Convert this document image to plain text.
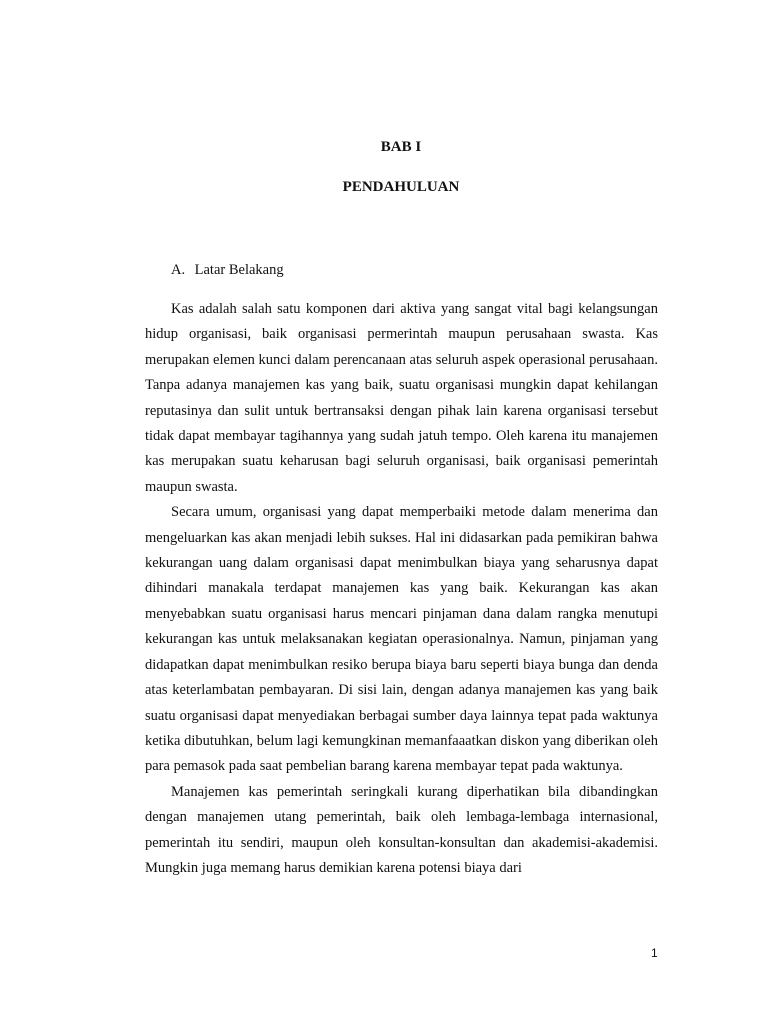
BAB I
PENDAHULUAN
A. Latar Belakang

Kas adalah salah satu komponen dari aktiva yang sangat vital bagi kelangsungan hidup organisasi, baik organisasi permerintah maupun perusahaan swasta. Kas merupakan elemen kunci dalam perencanaan atas seluruh aspek operasional perusahaan. Tanpa adanya manajemen kas yang baik, suatu organisasi mungkin dapat kehilangan reputasinya dan sulit untuk bertransaksi dengan pihak lain karena organisasi tersebut tidak dapat membayar tagihannya yang sudah jatuh tempo. Oleh karena itu manajemen kas merupakan suatu keharusan bagi seluruh organisasi, baik organisasi pemerintah maupun swasta.

Secara umum, organisasi yang dapat memperbaiki metode dalam menerima dan mengeluarkan kas akan menjadi lebih sukses. Hal ini didasarkan pada pemikiran bahwa kekurangan uang dalam organisasi dapat menimbulkan biaya yang seharusnya dapat dihindari manakala terdapat manajemen kas yang baik. Kekurangan kas akan menyebabkan suatu organisasi harus mencari pinjaman dana dalam rangka menutupi kekurangan kas untuk melaksanakan kegiatan operasionalnya. Namun, pinjaman yang didapatkan dapat menimbulkan resiko berupa biaya baru seperti biaya bunga dan denda atas keterlambatan pembayaran. Di sisi lain, dengan adanya manajemen kas yang baik suatu organisasi dapat menyediakan berbagai sumber daya lainnya tepat pada waktunya ketika dibutuhkan, belum lagi kemungkinan memanfaaatkan diskon yang diberikan oleh para pemasok pada saat pembelian barang karena membayar tepat pada waktunya.

Manajemen kas pemerintah seringkali kurang diperhatikan bila dibandingkan dengan manajemen utang pemerintah, baik oleh lembaga-lembaga internasional, pemerintah itu sendiri, maupun oleh konsultan-konsultan dan akademisi-akademisi. Mungkin juga memang harus demikian karena potensi biaya dari

1
